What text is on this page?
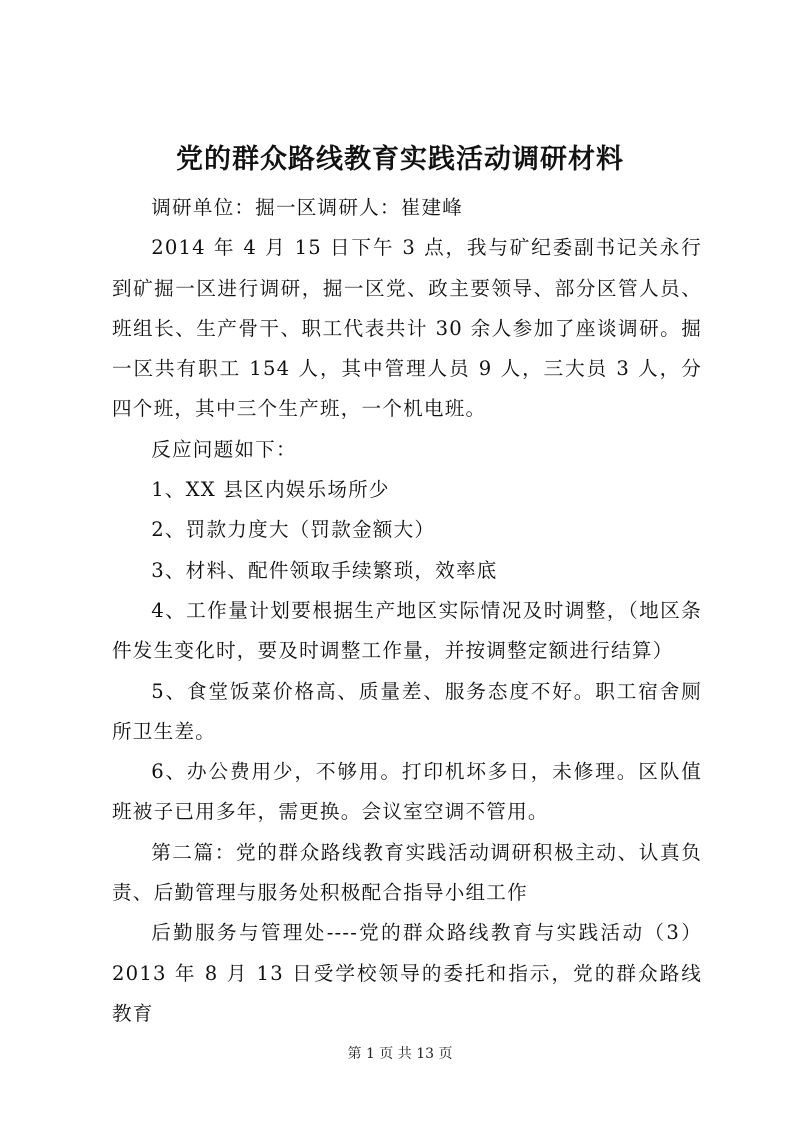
党的群众路线教育实践活动调研材料

调研单位：掘一区调研人：崔建峰

2014 年 4 月 15 日下午 3 点，我与矿纪委副书记关永行到矿掘一区进行调研，掘一区党、政主要领导、部分区管人员、班组长、生产骨干、职工代表共计 30 余人参加了座谈调研。掘一区共有职工 154 人，其中管理人员 9 人，三大员 3 人，分四个班，其中三个生产班，一个机电班。

反应问题如下：

1、XX 县区内娱乐场所少

2、罚款力度大（罚款金额大）

3、材料、配件领取手续繁琐，效率底

4、工作量计划要根据生产地区实际情况及时调整，（地区条件发生变化时，要及时调整工作量，并按调整定额进行结算）

5、食堂饭菜价格高、质量差、服务态度不好。职工宿舍厕所卫生差。

6、办公费用少，不够用。打印机坏多日，未修理。区队值班被子已用多年，需更换。会议室空调不管用。

第二篇：党的群众路线教育实践活动调研积极主动、认真负责、后勤管理与服务处积极配合指导小组工作

后勤服务与管理处----党的群众路线教育与实践活动（3）2013 年 8 月 13 日受学校领导的委托和指示，党的群众路线教育

第 1 页 共 13 页
